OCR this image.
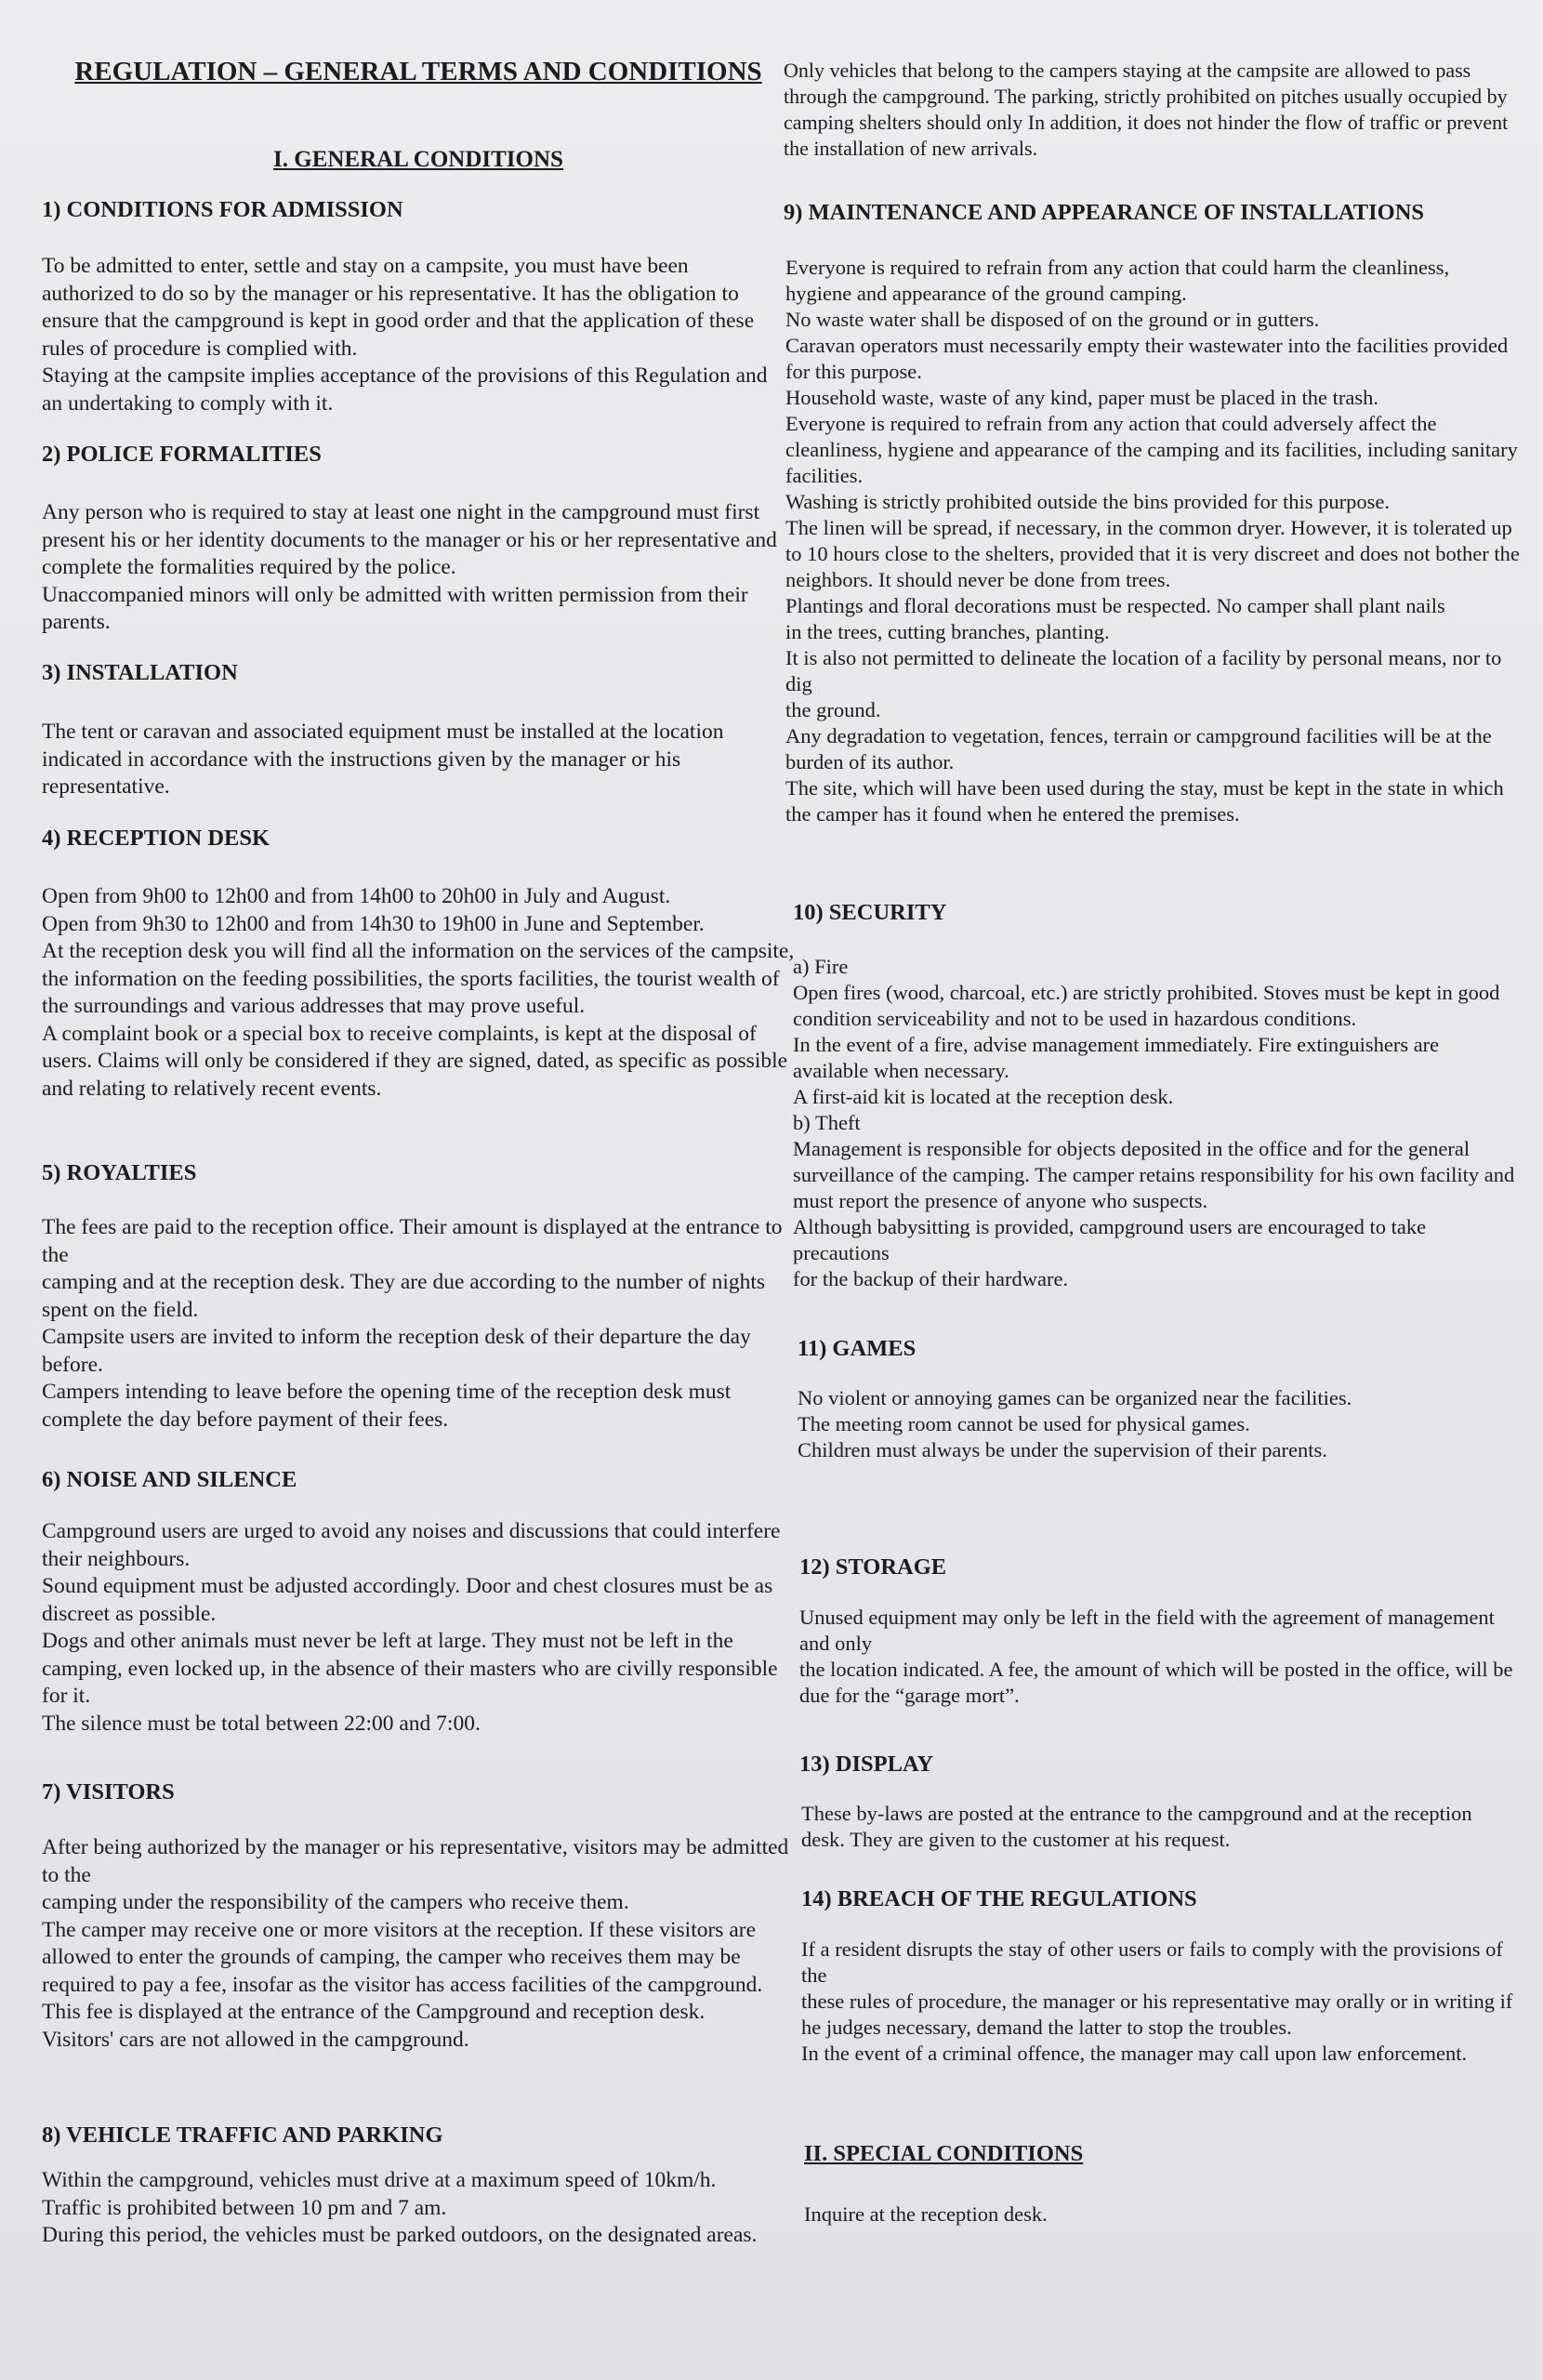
REGULATION – GENERAL TERMS AND CONDITIONS
I. GENERAL CONDITIONS
1) CONDITIONS FOR ADMISSION

To be admitted to enter, settle and stay on a campsite, you must have been authorized to do so by the manager or his representative. It has the obligation to ensure that the campground is kept in good order and that the application of these rules of procedure is complied with.

Staying at the campsite implies acceptance of the provisions of this Regulation and an undertaking to comply with it.

2) POLICE FORMALITIES

Any person who is required to stay at least one night in the campground must first present his or her identity documents to the manager or his or her representative and complete the formalities required by the police.

Unaccompanied minors will only be admitted with written permission from their parents.

3) INSTALLATION

The tent or caravan and associated equipment must be installed at the location indicated in accordance with the instructions given by the manager or his representative.

4) RECEPTION DESK

Open from 9h00 to 12h00 and from 14h00 to 20h00 in July and August.

Open from 9h30 to 12h00 and from 14h30 to 19h00 in June and September.

At the reception desk you will find all the information on the services of the campsite, the information on the feeding possibilities, the sports facilities, the tourist wealth of the surroundings and various addresses that may prove useful.

A complaint book or a special box to receive complaints, is kept at the disposal of users. Claims will only be considered if they are signed, dated, as specific as possible and relating to relatively recent events.

5) ROYALTIES

The fees are paid to the reception office. Their amount is displayed at the entrance to the

camping and at the reception desk. They are due according to the number of nights spent on the field.

Campsite users are invited to inform the reception desk of their departure the day before.

Campers intending to leave before the opening time of the reception desk must complete the day before payment of their fees.

6) NOISE AND SILENCE

Campground users are urged to avoid any noises and discussions that could interfere their neighbours.

Sound equipment must be adjusted accordingly. Door and chest closures must be as discreet as possible.

Dogs and other animals must never be left at large. They must not be left in the camping, even locked up, in the absence of their masters who are civilly responsible for it.

The silence must be total between 22:00 and 7:00.

7) VISITORS

After being authorized by the manager or his representative, visitors may be admitted to the

camping under the responsibility of the campers who receive them.

The camper may receive one or more visitors at the reception. If these visitors are allowed to enter the grounds of camping, the camper who receives them may be required to pay a fee, insofar as the visitor has access facilities of the campground. This fee is displayed at the entrance of the Campground and reception desk.

Visitors' cars are not allowed in the campground.

8) VEHICLE TRAFFIC AND PARKING

Within the campground, vehicles must drive at a maximum speed of 10km/h.

Traffic is prohibited between 10 pm and 7 am.

During this period, the vehicles must be parked outdoors, on the designated areas.

Only vehicles that belong to the campers staying at the campsite are allowed to pass through the campground. The parking, strictly prohibited on pitches usually occupied by camping shelters should only In addition, it does not hinder the flow of traffic or prevent the installation of new arrivals.
9) MAINTENANCE AND APPEARANCE OF INSTALLATIONS

Everyone is required to refrain from any action that could harm the cleanliness, hygiene and appearance of the ground camping.

No waste water shall be disposed of on the ground or in gutters.

Caravan operators must necessarily empty their wastewater into the facilities provided for this purpose.

Household waste, waste of any kind, paper must be placed in the trash.

Everyone is required to refrain from any action that could adversely affect the cleanliness, hygiene and appearance of the camping and its facilities, including sanitary facilities.

Washing is strictly prohibited outside the bins provided for this purpose.

The linen will be spread, if necessary, in the common dryer. However, it is tolerated up to 10 hours close to the shelters, provided that it is very discreet and does not bother the neighbors. It should never be done from trees.

Plantings and floral decorations must be respected. No camper shall plant nails

in the trees, cutting branches, planting.

It is also not permitted to delineate the location of a facility by personal means, nor to dig

the ground.

Any degradation to vegetation, fences, terrain or campground facilities will be at the burden of its author.

The site, which will have been used during the stay, must be kept in the state in which the camper has it found when he entered the premises.

10) SECURITY

a) Fire

Open fires (wood, charcoal, etc.) are strictly prohibited. Stoves must be kept in good condition serviceability and not to be used in hazardous conditions.

In the event of a fire, advise management immediately. Fire extinguishers are available when necessary.

A first-aid kit is located at the reception desk.

b) Theft

Management is responsible for objects deposited in the office and for the general surveillance of the camping. The camper retains responsibility for his own facility and must report the presence of anyone who suspects.

Although babysitting is provided, campground users are encouraged to take precautions

for the backup of their hardware.

11) GAMES

No violent or annoying games can be organized near the facilities.

The meeting room cannot be used for physical games.

Children must always be under the supervision of their parents.

12) STORAGE

Unused equipment may only be left in the field with the agreement of management and only

the location indicated. A fee, the amount of which will be posted in the office, will be due for the “garage mort”.

13) DISPLAY

These by-laws are posted at the entrance to the campground and at the reception desk. They are given to the customer at his request.

14) BREACH OF THE REGULATIONS

If a resident disrupts the stay of other users or fails to comply with the provisions of the

these rules of procedure, the manager or his representative may orally or in writing if he judges necessary, demand the latter to stop the troubles.

In the event of a criminal offence, the manager may call upon law enforcement.

II. SPECIAL CONDITIONS
Inquire at the reception desk.
